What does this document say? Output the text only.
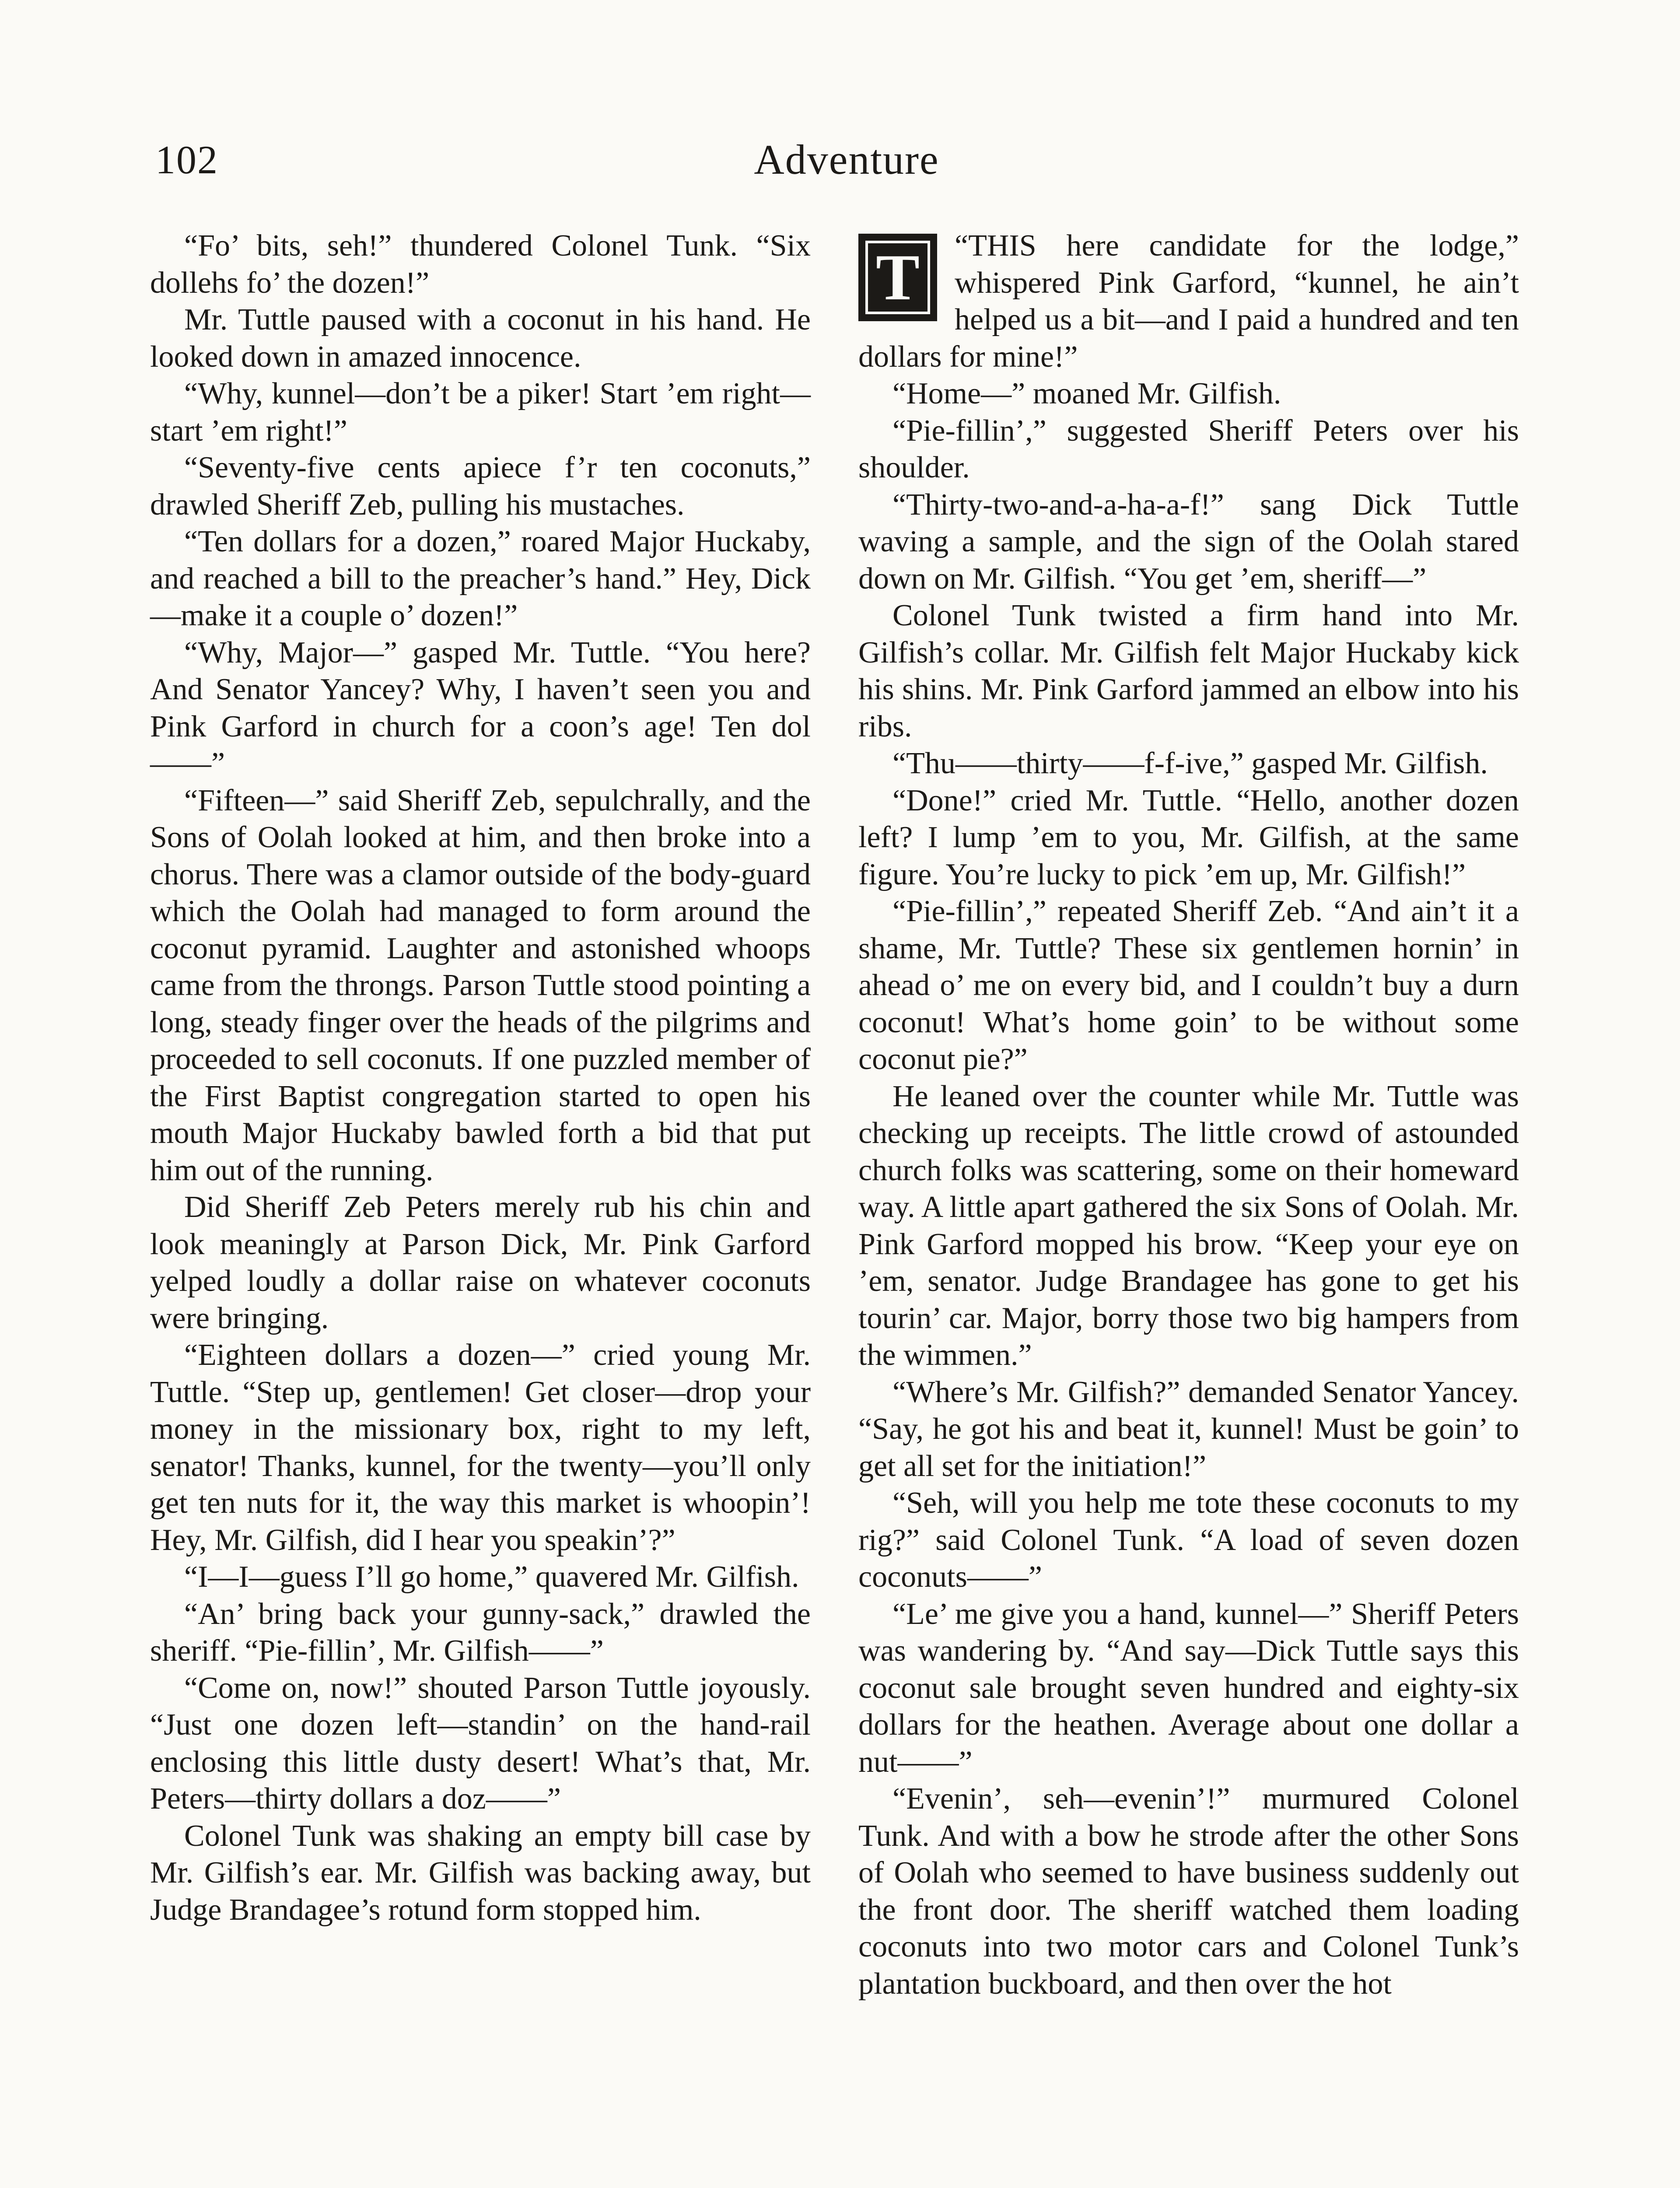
102	Adventure

“Fo’ bits, seh!” thundered Colonel Tunk. “Six dollehs fo’ the dozen!”

Mr. Tuttle paused with a coconut in his hand. He looked down in amazed innocence.

“Why, kunnel—don’t be a piker! Start ’em right—start ’em right!”

“Seventy-five cents apiece f’r ten coconuts,” drawled Sheriff Zeb, pulling his mustaches.

“Ten dollars for a dozen,” roared Major Huckaby, and reached a bill to the preacher’s hand.” Hey, Dick—make it a couple o’ dozen!”

“Why, Major—” gasped Mr. Tuttle. “You here? And Senator Yancey? Why, I haven’t seen you and Pink Garford in church for a coon’s age! Ten dol——”

“Fifteen—” said Sheriff Zeb, sepulchrally, and the Sons of Oolah looked at him, and then broke into a chorus. There was a clamor outside of the body-guard which the Oolah had managed to form around the coconut pyramid. Laughter and astonished whoops came from the throngs. Parson Tuttle stood pointing a long, steady finger over the heads of the pilgrims and proceeded to sell coconuts. If one puzzled member of the First Baptist congregation started to open his mouth Major Huckaby bawled forth a bid that put him out of the running.

Did Sheriff Zeb Peters merely rub his chin and look meaningly at Parson Dick, Mr. Pink Garford yelped loudly a dollar raise on whatever coconuts were bringing.

“Eighteen dollars a dozen—” cried young Mr. Tuttle. “Step up, gentlemen! Get closer—drop your money in the missionary box, right to my left, senator! Thanks, kunnel, for the twenty—you’ll only get ten nuts for it, the way this market is whoopin’! Hey, Mr. Gilfish, did I hear you speakin’?”

“I—I—guess I’ll go home,” quavered Mr. Gilfish.

“An’ bring back your gunny-sack,” drawled the sheriff. “Pie-fillin’, Mr. Gilfish——”

“Come on, now!” shouted Parson Tuttle joyously. “Just one dozen left—standin’ on the hand-rail enclosing this little dusty desert! What’s that, Mr. Peters—thirty dollars a doz——”

Colonel Tunk was shaking an empty bill case by Mr. Gilfish’s ear. Mr. Gilfish was backing away, but Judge Brandagee’s rotund form stopped him.

T	“THIS here candidate for the lodge,” whispered Pink Garford, “kunnel, he ain’t helped us a bit—and I paid a hundred and ten dollars for mine!”

“Home—” moaned Mr. Gilfish.

“Pie-fillin’,” suggested Sheriff Peters over his shoulder.

“Thirty-two-and-a-ha-a-f!” sang Dick Tuttle waving a sample, and the sign of the Oolah stared down on Mr. Gilfish. “You get ’em, sheriff—”

Colonel Tunk twisted a firm hand into Mr. Gilfish’s collar. Mr. Gilfish felt Major Huckaby kick his shins. Mr. Pink Garford jammed an elbow into his ribs.

“Thu——thirty——f-f-ive,” gasped Mr. Gilfish.

“Done!” cried Mr. Tuttle. “Hello, another dozen left? I lump ’em to you, Mr. Gilfish, at the same figure. You’re lucky to pick ’em up, Mr. Gilfish!”

“Pie-fillin’,” repeated Sheriff Zeb. “And ain’t it a shame, Mr. Tuttle? These six gentlemen hornin’ in ahead o’ me on every bid, and I couldn’t buy a durn coconut! What’s home goin’ to be without some coconut pie?”

He leaned over the counter while Mr. Tuttle was checking up receipts. The little crowd of astounded church folks was scattering, some on their homeward way. A little apart gathered the six Sons of Oolah. Mr. Pink Garford mopped his brow. “Keep your eye on ’em, senator. Judge Brandagee has gone to get his tourin’ car. Major, borry those two big hampers from the wimmen.”

“Where’s Mr. Gilfish?” demanded Senator Yancey. “Say, he got his and beat it, kunnel! Must be goin’ to get all set for the initiation!”

“Seh, will you help me tote these coconuts to my rig?” said Colonel Tunk. “A load of seven dozen coconuts——”

“Le’ me give you a hand, kunnel—” Sheriff Peters was wandering by. “And say—Dick Tuttle says this coconut sale brought seven hundred and eighty-six dollars for the heathen. Average about one dollar a nut——”

“Evenin’, seh—evenin’!” murmured Colonel Tunk. And with a bow he strode after the other Sons of Oolah who seemed to have business suddenly out the front door. The sheriff watched them loading coconuts into two motor cars and Colonel Tunk’s plantation buckboard, and then over the hot
